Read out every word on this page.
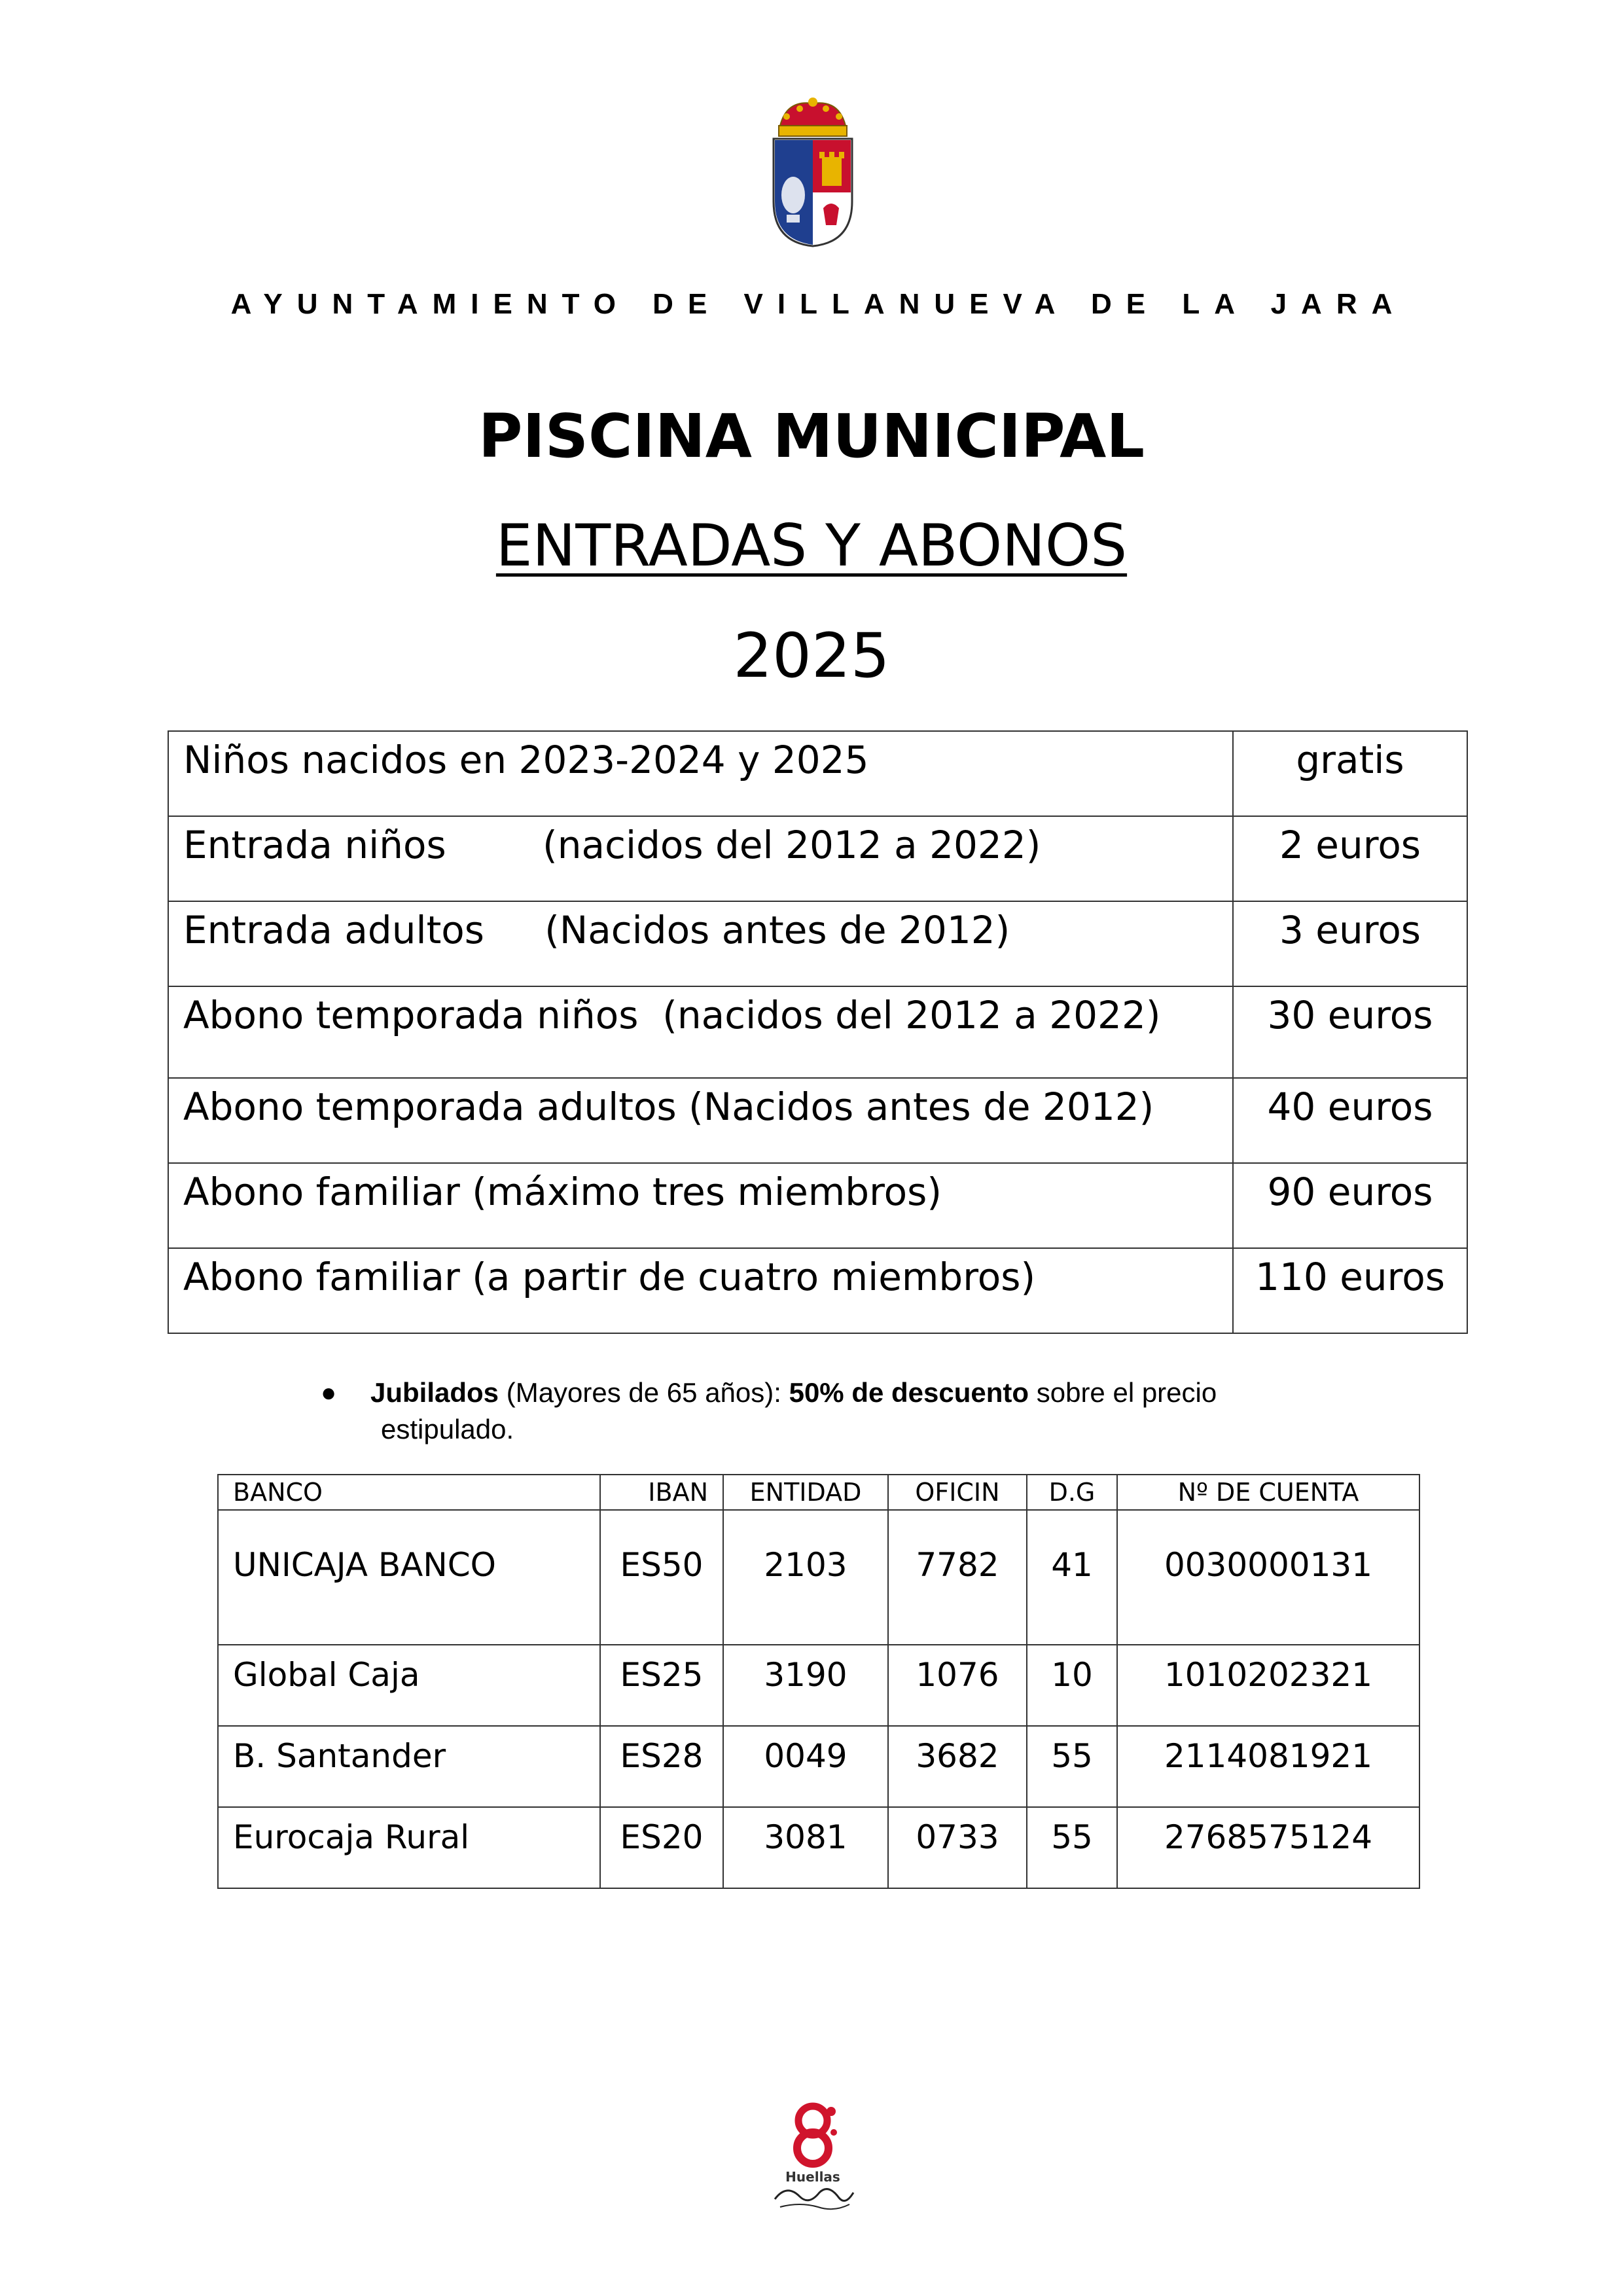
AYUNTAMIENTO DE VILLANUEVA DE LA JARA
PISCINA MUNICIPAL
ENTRADAS Y ABONOS
2025
Niños nacidos en 2023-2024 y 2025	gratis
Entrada niños        (nacidos del 2012 a 2022)	2 euros
Entrada adultos     (Nacidos antes de 2012)	3 euros
Abono temporada niños  (nacidos del 2012 a 2022)	30 euros
Abono temporada adultos (Nacidos antes de 2012)	40 euros
Abono familiar (máximo tres miembros)	90 euros
Abono familiar (a partir de cuatro miembros)	110 euros
● Jubilados (Mayores de 65 años): 50% de descuento sobre el precio

estipulado.

BANCO	IBAN	ENTIDAD	OFICIN	D.G	Nº DE CUENTA
UNICAJA BANCO	ES50	2103	7782	41	0030000131
Global Caja	ES25	3190	1076	10	1010202321
B. Santander	ES28	0049	3682	55	2114081921
Eurocaja Rural	ES20	3081	0733	55	2768575124
Huellas
